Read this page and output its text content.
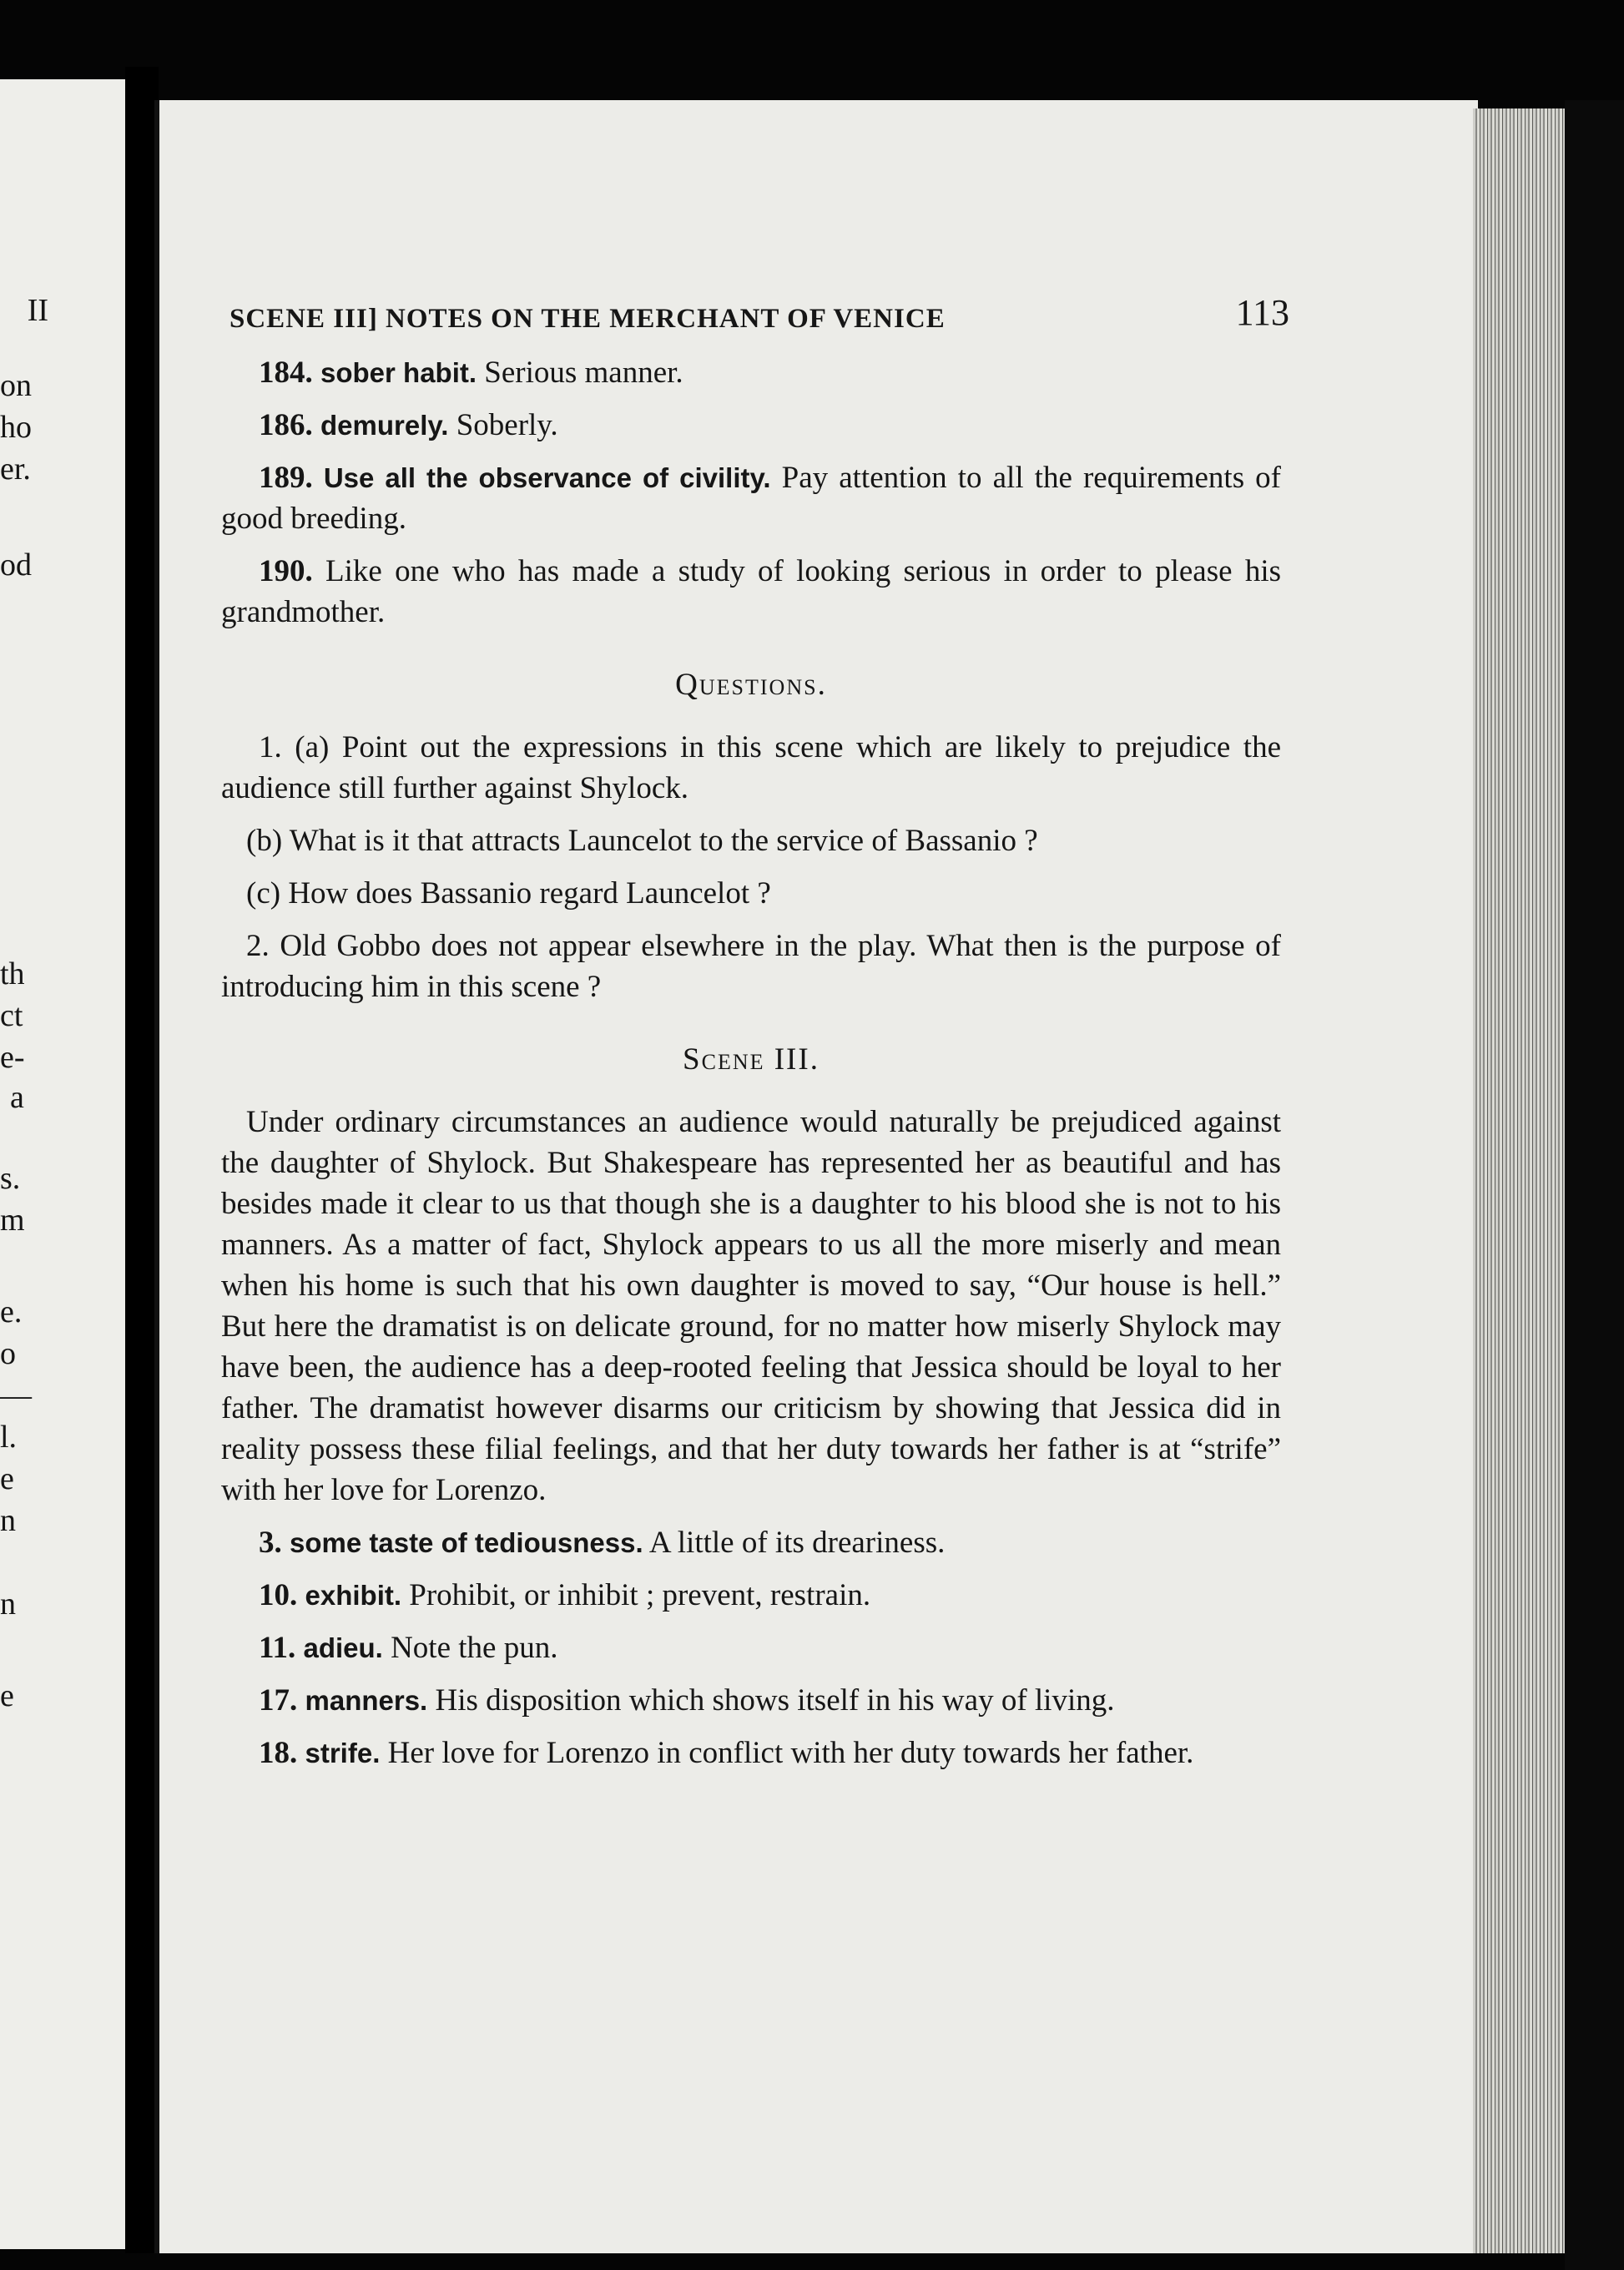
II
on
ho
er.
od
th
ct
e-
a
s.
m
e.
o
—
l.
e
n
n
e
SCENE III] NOTES ON THE MERCHANT OF VENICE	113

184. sober habit. Serious manner.

186. demurely. Soberly.

189. Use all the observance of civility. Pay attention to all the requirements of good breeding.

190. Like one who has made a study of looking serious in order to please his grandmother.

Questions.

1. (a) Point out the expressions in this scene which are likely to prejudice the audience still further against Shylock.

(b) What is it that attracts Launcelot to the service of Bassanio ?

(c) How does Bassanio regard Launcelot ?

2. Old Gobbo does not appear elsewhere in the play. What then is the purpose of introducing him in this scene ?

Scene III.

Under ordinary circumstances an audience would naturally be prejudiced against the daughter of Shylock. But Shakespeare has represented her as beautiful and has besides made it clear to us that though she is a daughter to his blood she is not to his manners. As a matter of fact, Shylock appears to us all the more miserly and mean when his home is such that his own daughter is moved to say, “Our house is hell.” But here the dramatist is on delicate ground, for no matter how miserly Shylock may have been, the audience has a deep-rooted feeling that Jessica should be loyal to her father. The dramatist however disarms our criticism by showing that Jessica did in reality possess these filial feelings, and that her duty towards her father is at “strife” with her love for Lorenzo.

3. some taste of tediousness. A little of its dreariness.

10. exhibit. Prohibit, or inhibit ; prevent, restrain.

11. adieu. Note the pun.

17. manners. His disposition which shows itself in his way of living.

18. strife. Her love for Lorenzo in conflict with her duty towards her father.
